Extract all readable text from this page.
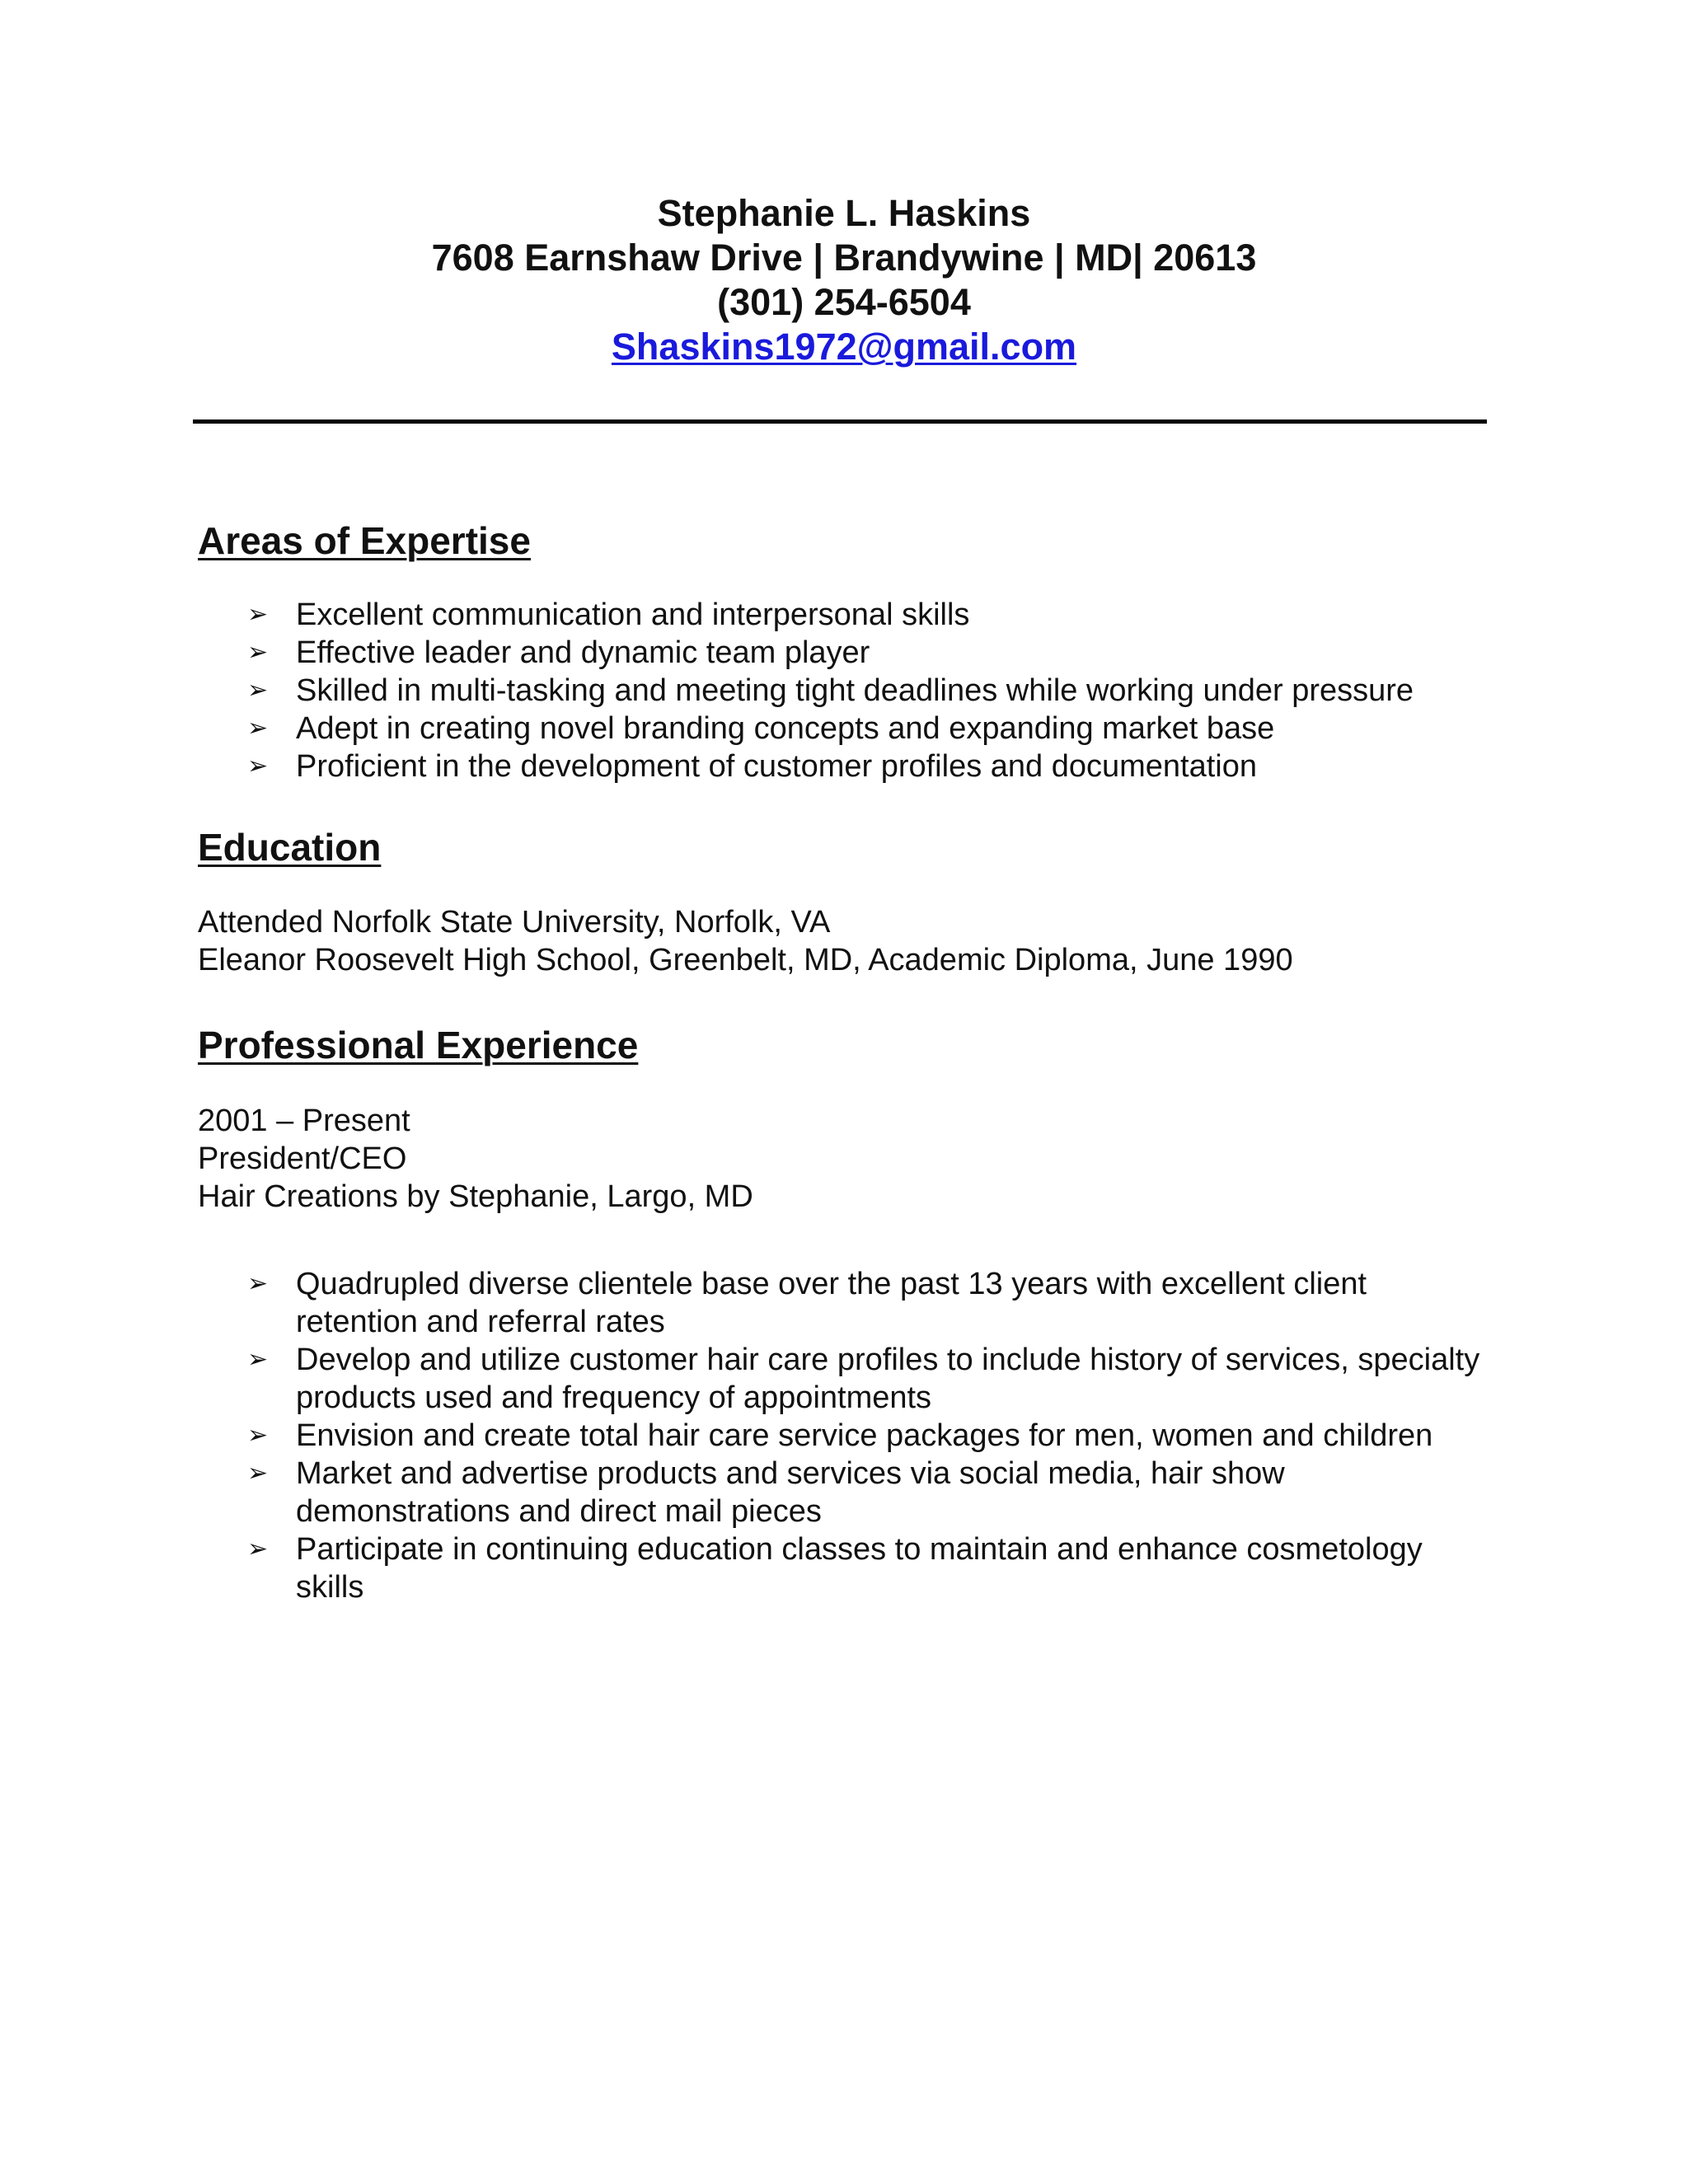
Stephanie L. Haskins
7608 Earnshaw Drive | Brandywine | MD| 20613
(301) 254-6504
Shaskins1972@gmail.com
Areas of Expertise
➢ Excellent communication and interpersonal skills
➢ Effective leader and dynamic team player
➢ Skilled in multi-tasking and meeting tight deadlines while working under pressure
➢ Adept in creating novel branding concepts and expanding market base
➢ Proficient in the development of customer profiles and documentation
Education
Attended Norfolk State University, Norfolk, VA
Eleanor Roosevelt High School, Greenbelt, MD, Academic Diploma, June 1990
Professional Experience
2001 – Present
President/CEO
Hair Creations by Stephanie, Largo, MD
➢ Quadrupled diverse clientele base over the past 13 years with excellent client retention and referral rates
➢ Develop and utilize customer hair care profiles to include history of services, specialty products used and frequency of appointments
➢ Envision and create total hair care service packages for men, women and children
➢ Market and advertise products and services via social media, hair show demonstrations and direct mail pieces
➢ Participate in continuing education classes to maintain and enhance cosmetology skills
